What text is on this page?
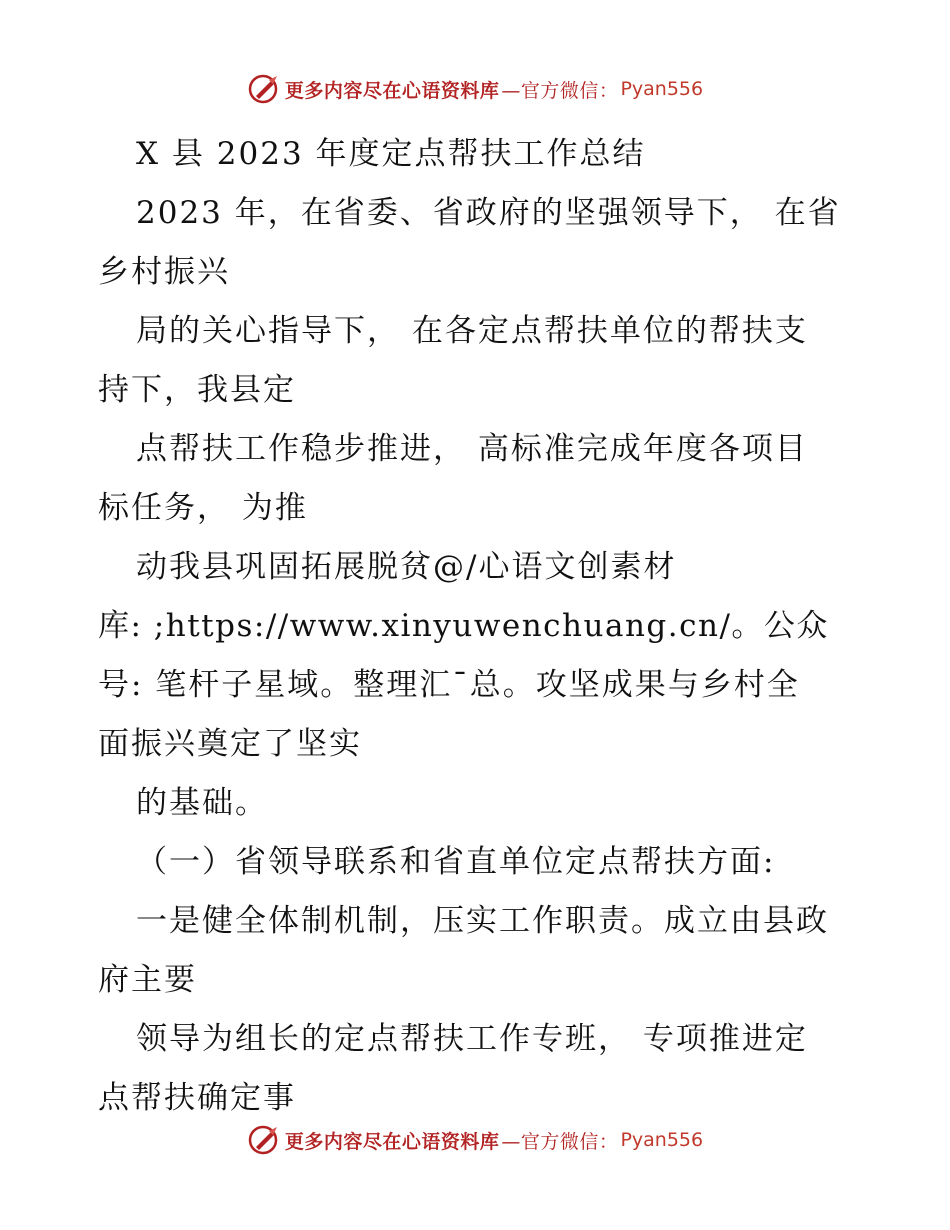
更多内容尽在心语资料库 —官方微信： Pyan556
X 县 2023 年度定点帮扶工作总结
2023 年，在省委、省政府的坚强领导下， 在省
乡村振兴
局的关心指导下， 在各定点帮扶单位的帮扶支
持下，我县定
点帮扶工作稳步推进， 高标准完成年度各项目
标任务， 为推
动我县巩固拓展脱贫@/心语文创素材
库: ;https://www.xinyuwenchuang.cn/。公众
号: 笔杆子星域。整理汇¯总。攻坚成果与乡村全
面振兴奠定了坚实
的基础。
（一）省领导联系和省直单位定点帮扶方面:
一是健全体制机制，压实工作职责。成立由县政
府主要
领导为组长的定点帮扶工作专班， 专项推进定
点帮扶确定事
更多内容尽在心语资料库 —官方微信： Pyan556
